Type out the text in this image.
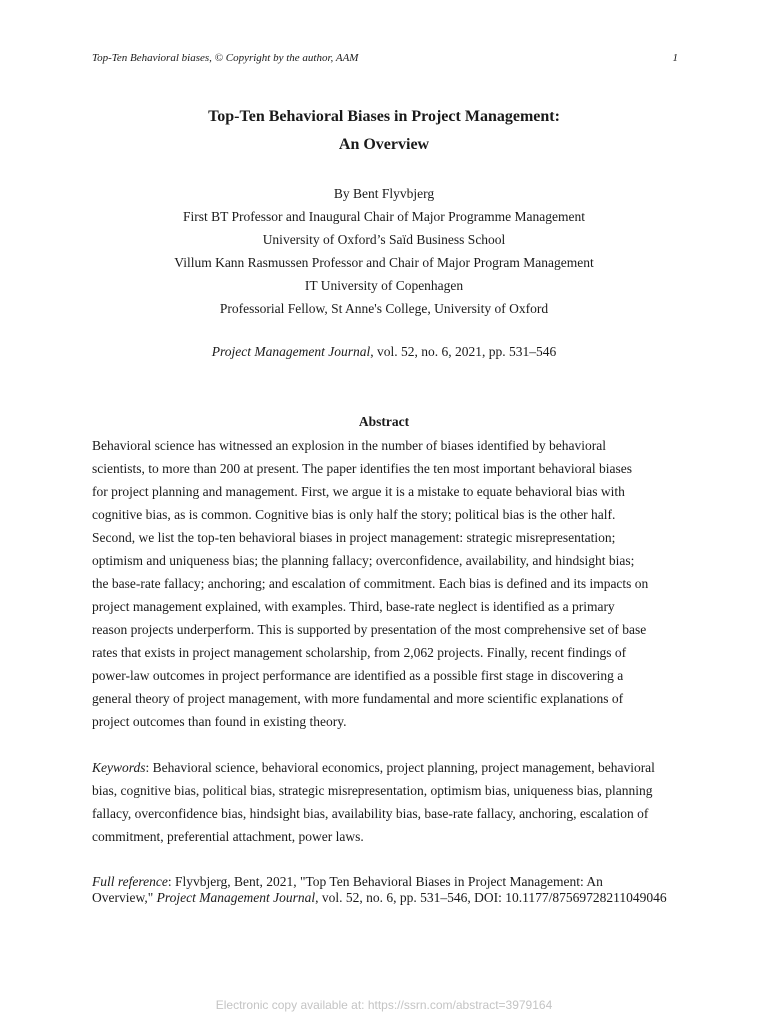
Top-Ten Behavioral biases, © Copyright by the author, AAM	1
Top-Ten Behavioral Biases in Project Management:
An Overview
By Bent Flyvbjerg
First BT Professor and Inaugural Chair of Major Programme Management
University of Oxford’s Saïd Business School
Villum Kann Rasmussen Professor and Chair of Major Program Management
IT University of Copenhagen
Professorial Fellow, St Anne's College, University of Oxford
Project Management Journal, vol. 52, no. 6, 2021, pp. 531–546
Abstract
Behavioral science has witnessed an explosion in the number of biases identified by behavioral
scientists, to more than 200 at present. The paper identifies the ten most important behavioral biases
for project planning and management. First, we argue it is a mistake to equate behavioral bias with
cognitive bias, as is common. Cognitive bias is only half the story; political bias is the other half.
Second, we list the top-ten behavioral biases in project management: strategic misrepresentation;
optimism and uniqueness bias; the planning fallacy; overconfidence, availability, and hindsight bias;
the base-rate fallacy; anchoring; and escalation of commitment. Each bias is defined and its impacts on
project management explained, with examples. Third, base-rate neglect is identified as a primary
reason projects underperform. This is supported by presentation of the most comprehensive set of base
rates that exists in project management scholarship, from 2,062 projects. Finally, recent findings of
power-law outcomes in project performance are identified as a possible first stage in discovering a
general theory of project management, with more fundamental and more scientific explanations of
project outcomes than found in existing theory.
Keywords: Behavioral science, behavioral economics, project planning, project management, behavioral
bias, cognitive bias, political bias, strategic misrepresentation, optimism bias, uniqueness bias, planning
fallacy, overconfidence bias, hindsight bias, availability bias, base-rate fallacy, anchoring, escalation of
commitment, preferential attachment, power laws.
Full reference: Flyvbjerg, Bent, 2021, "Top Ten Behavioral Biases in Project Management: An
Overview," Project Management Journal, vol. 52, no. 6, pp. 531–546, DOI: 10.1177/87569728211049046
Electronic copy available at: https://ssrn.com/abstract=3979164
